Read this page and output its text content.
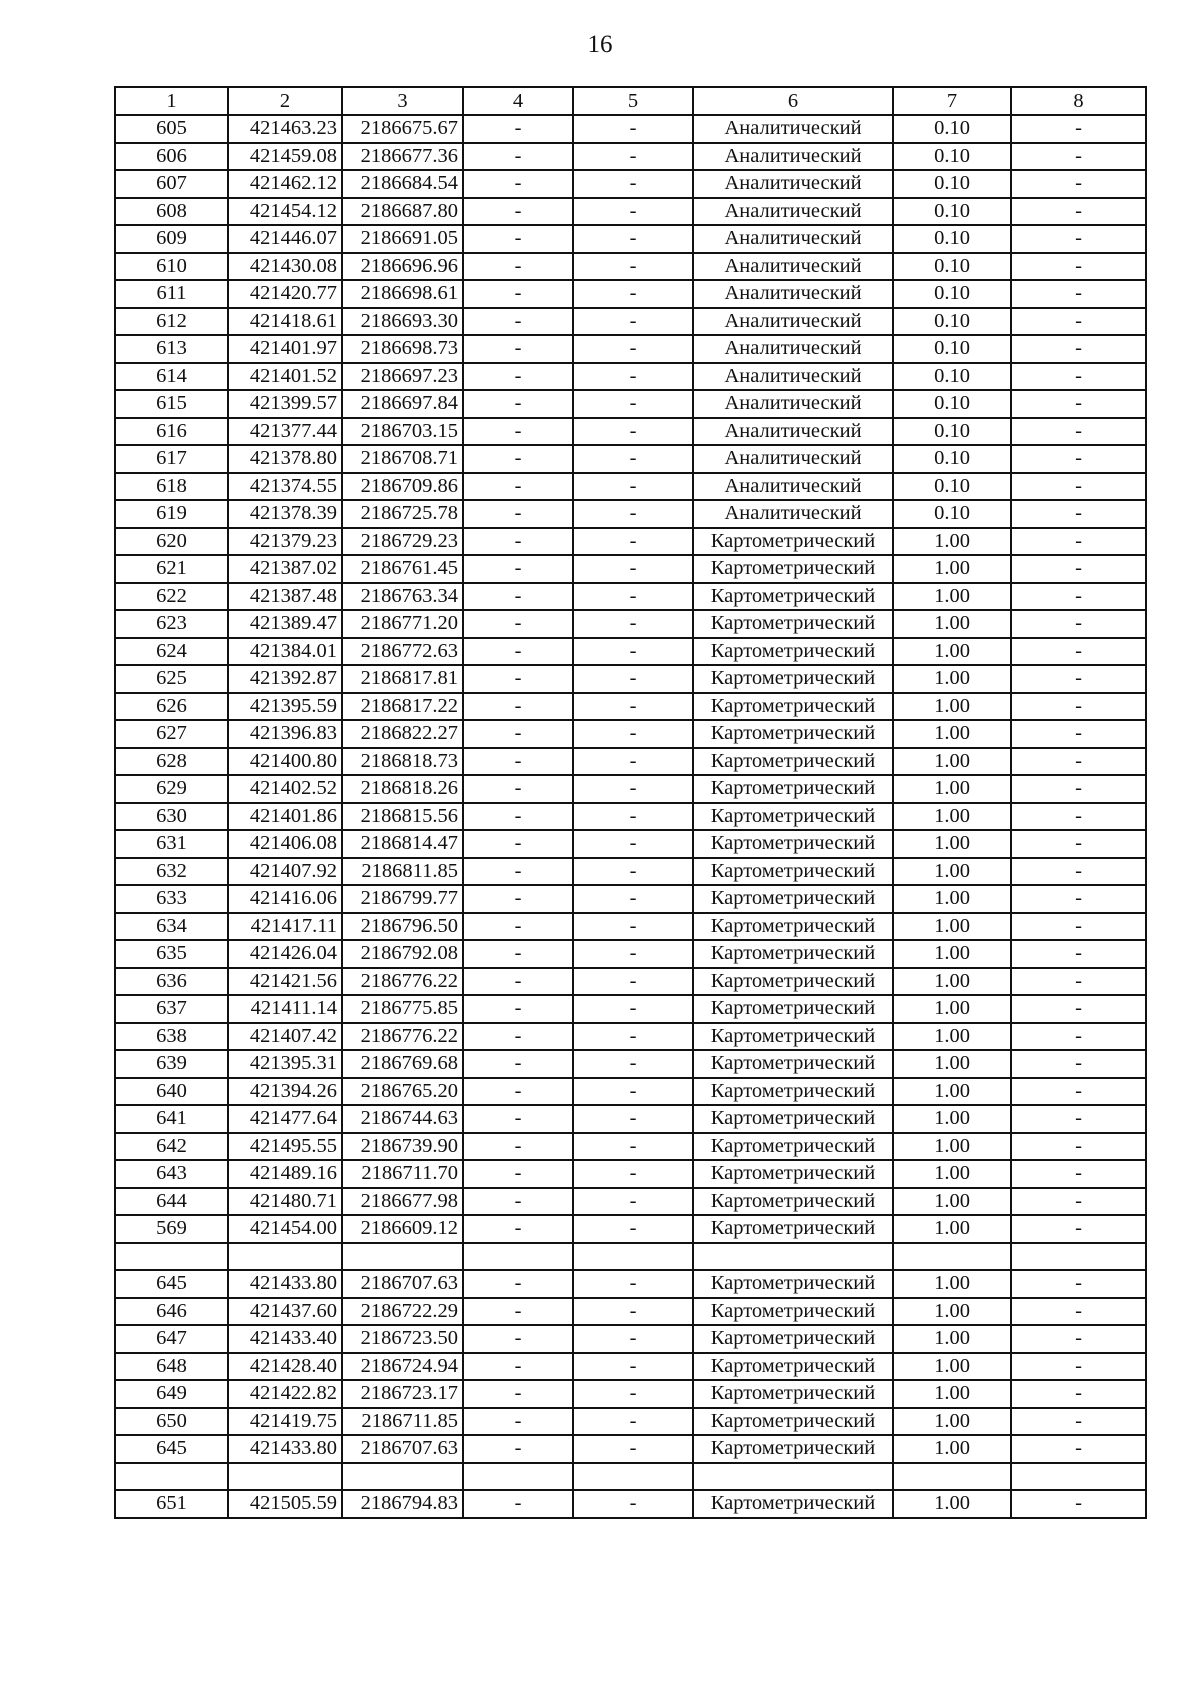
16
1	2	3	4	5	6	7	8
605	421463.23	2186675.67	-	-	Аналитический	0.10	-
606	421459.08	2186677.36	-	-	Аналитический	0.10	-
607	421462.12	2186684.54	-	-	Аналитический	0.10	-
608	421454.12	2186687.80	-	-	Аналитический	0.10	-
609	421446.07	2186691.05	-	-	Аналитический	0.10	-
610	421430.08	2186696.96	-	-	Аналитический	0.10	-
611	421420.77	2186698.61	-	-	Аналитический	0.10	-
612	421418.61	2186693.30	-	-	Аналитический	0.10	-
613	421401.97	2186698.73	-	-	Аналитический	0.10	-
614	421401.52	2186697.23	-	-	Аналитический	0.10	-
615	421399.57	2186697.84	-	-	Аналитический	0.10	-
616	421377.44	2186703.15	-	-	Аналитический	0.10	-
617	421378.80	2186708.71	-	-	Аналитический	0.10	-
618	421374.55	2186709.86	-	-	Аналитический	0.10	-
619	421378.39	2186725.78	-	-	Аналитический	0.10	-
620	421379.23	2186729.23	-	-	Картометрический	1.00	-
621	421387.02	2186761.45	-	-	Картометрический	1.00	-
622	421387.48	2186763.34	-	-	Картометрический	1.00	-
623	421389.47	2186771.20	-	-	Картометрический	1.00	-
624	421384.01	2186772.63	-	-	Картометрический	1.00	-
625	421392.87	2186817.81	-	-	Картометрический	1.00	-
626	421395.59	2186817.22	-	-	Картометрический	1.00	-
627	421396.83	2186822.27	-	-	Картометрический	1.00	-
628	421400.80	2186818.73	-	-	Картометрический	1.00	-
629	421402.52	2186818.26	-	-	Картометрический	1.00	-
630	421401.86	2186815.56	-	-	Картометрический	1.00	-
631	421406.08	2186814.47	-	-	Картометрический	1.00	-
632	421407.92	2186811.85	-	-	Картометрический	1.00	-
633	421416.06	2186799.77	-	-	Картометрический	1.00	-
634	421417.11	2186796.50	-	-	Картометрический	1.00	-
635	421426.04	2186792.08	-	-	Картометрический	1.00	-
636	421421.56	2186776.22	-	-	Картометрический	1.00	-
637	421411.14	2186775.85	-	-	Картометрический	1.00	-
638	421407.42	2186776.22	-	-	Картометрический	1.00	-
639	421395.31	2186769.68	-	-	Картометрический	1.00	-
640	421394.26	2186765.20	-	-	Картометрический	1.00	-
641	421477.64	2186744.63	-	-	Картометрический	1.00	-
642	421495.55	2186739.90	-	-	Картометрический	1.00	-
643	421489.16	2186711.70	-	-	Картометрический	1.00	-
644	421480.71	2186677.98	-	-	Картометрический	1.00	-
569	421454.00	2186609.12	-	-	Картометрический	1.00	-

645	421433.80	2186707.63	-	-	Картометрический	1.00	-
646	421437.60	2186722.29	-	-	Картометрический	1.00	-
647	421433.40	2186723.50	-	-	Картометрический	1.00	-
648	421428.40	2186724.94	-	-	Картометрический	1.00	-
649	421422.82	2186723.17	-	-	Картометрический	1.00	-
650	421419.75	2186711.85	-	-	Картометрический	1.00	-
645	421433.80	2186707.63	-	-	Картометрический	1.00	-

651	421505.59	2186794.83	-	-	Картометрический	1.00	-
